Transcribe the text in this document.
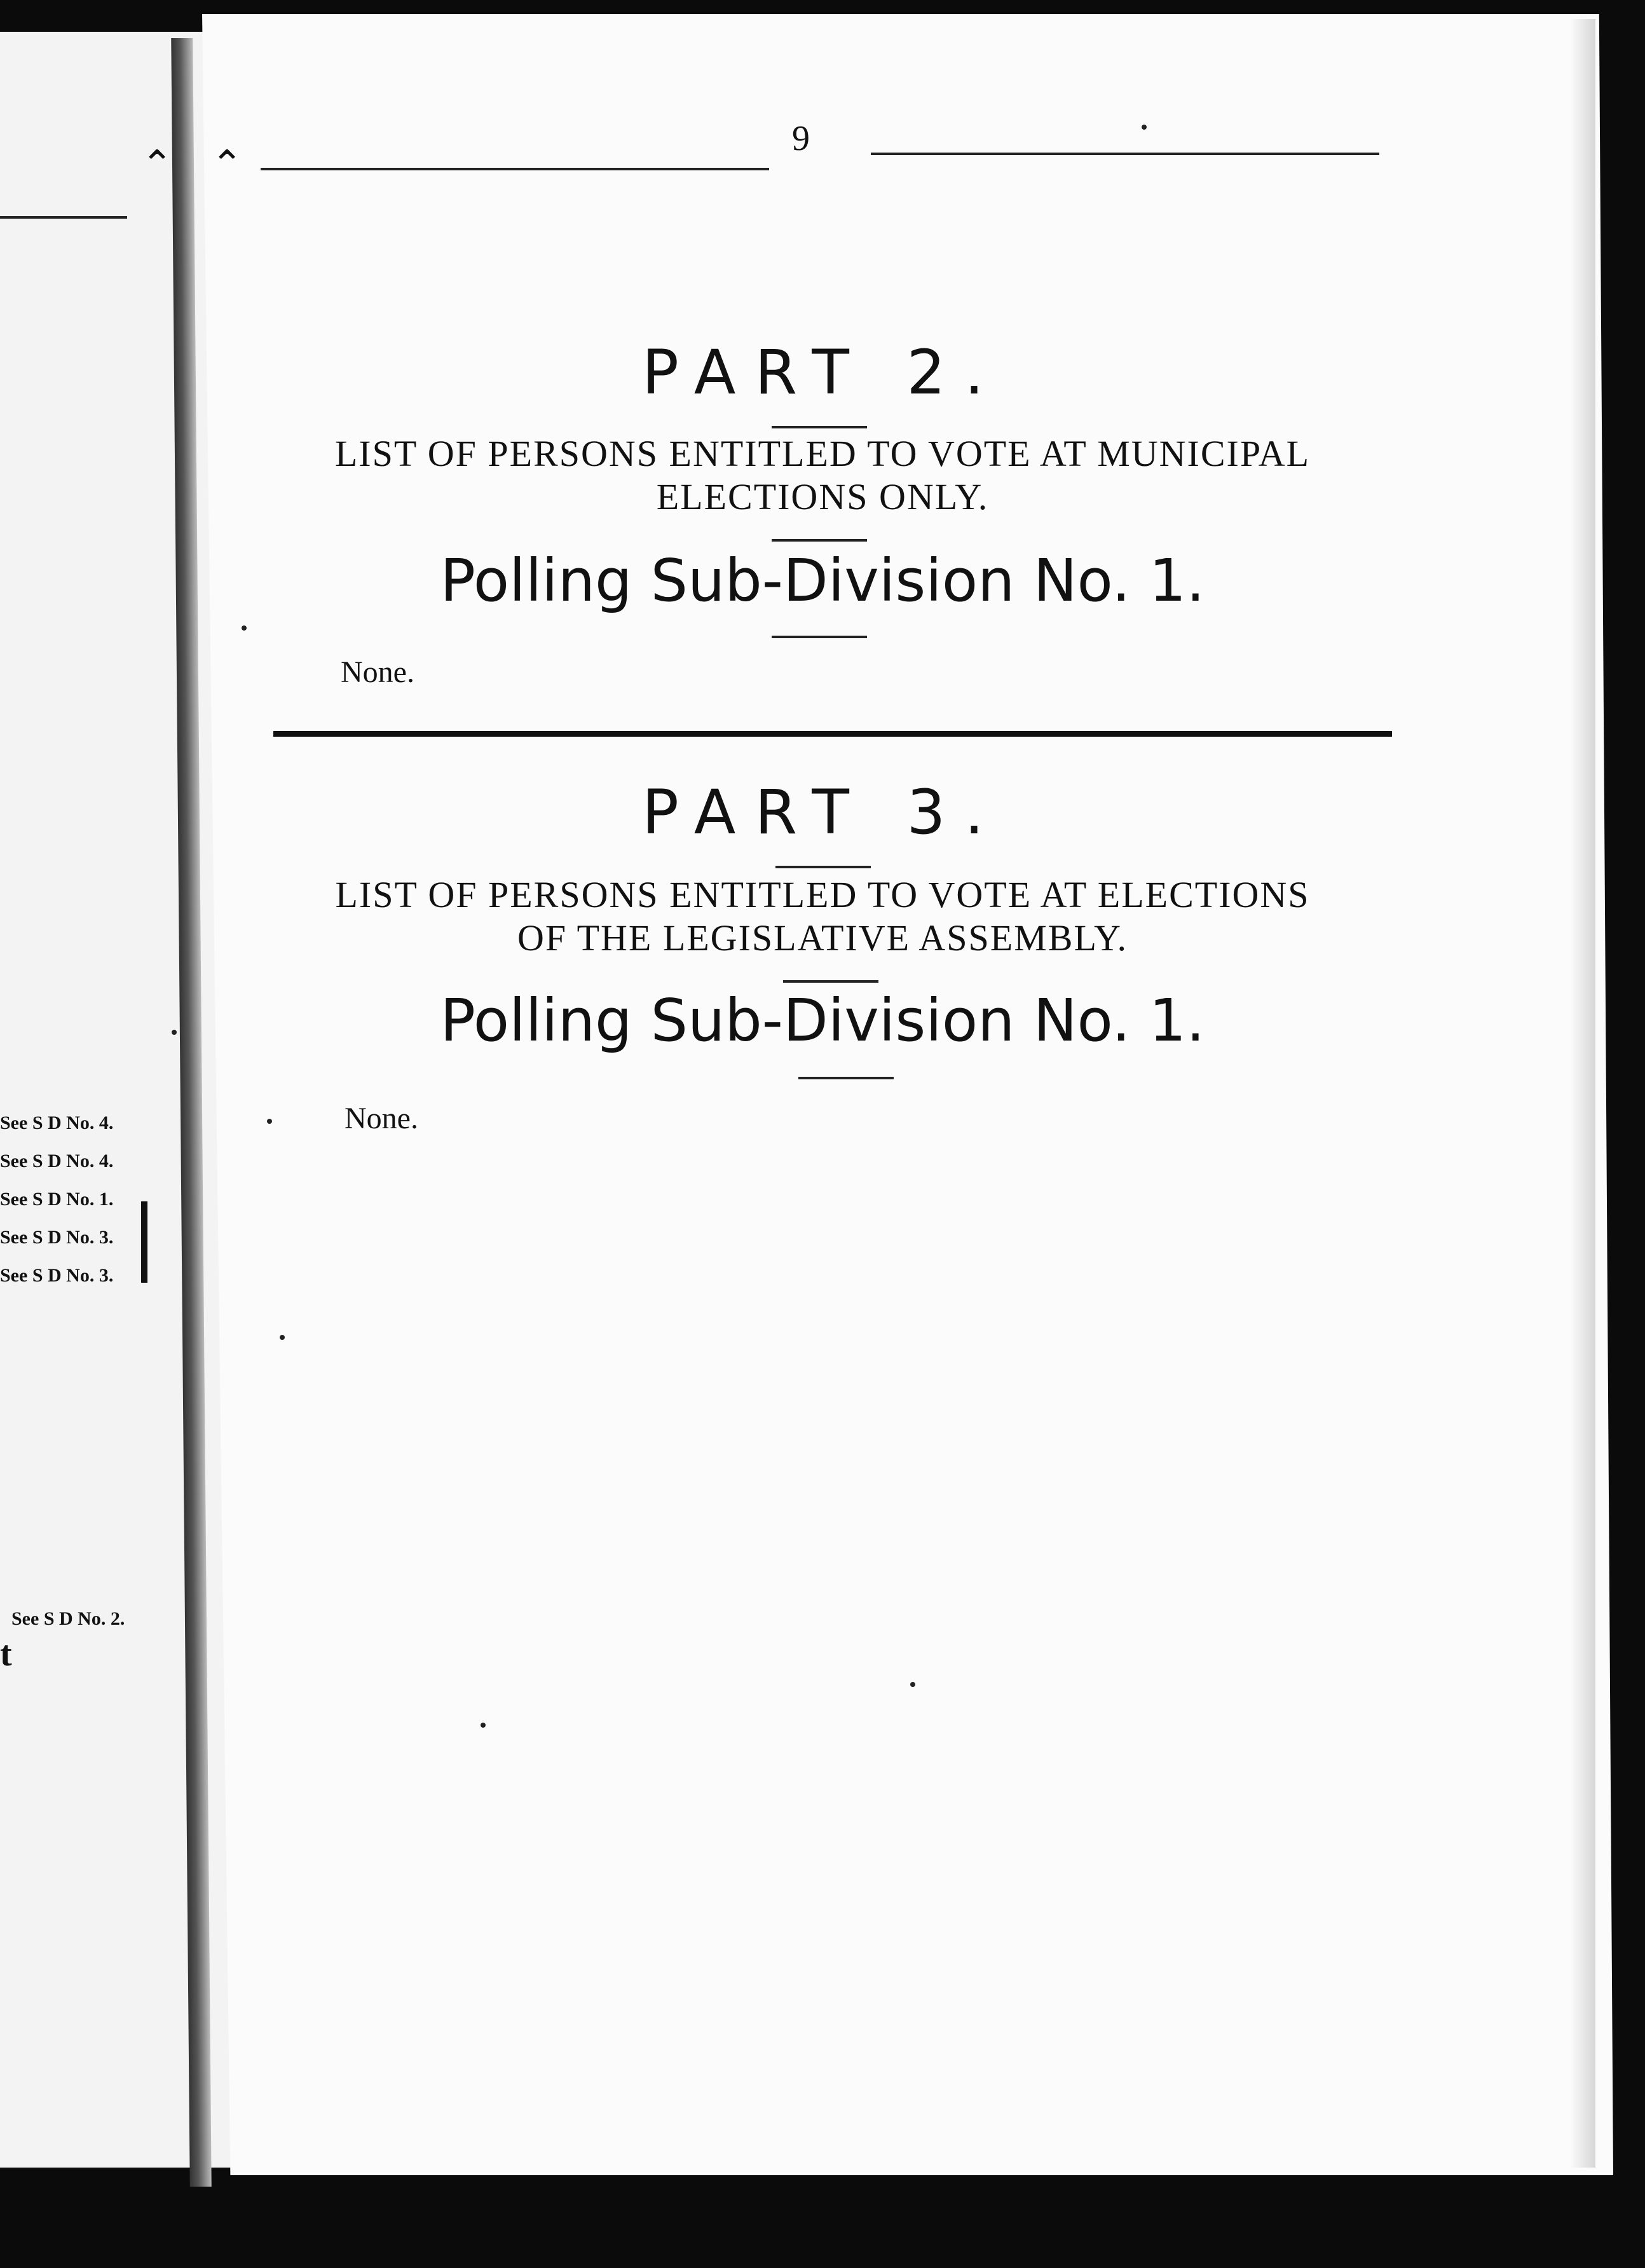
See S D No. 4.
See S D No. 4.
See S D No. 1.
See S D No. 3.
See S D No. 3.
See S D No. 2.
t
⌃ ⌃
9
PART 2.
LIST OF PERSONS ENTITLED TO VOTE AT MUNICIPAL
ELECTIONS ONLY.
Polling Sub-Division No. 1.
None.
PART 3.
LIST OF PERSONS ENTITLED TO VOTE AT ELECTIONS
OF THE LEGISLATIVE ASSEMBLY.
Polling Sub-Division No. 1.
None.
